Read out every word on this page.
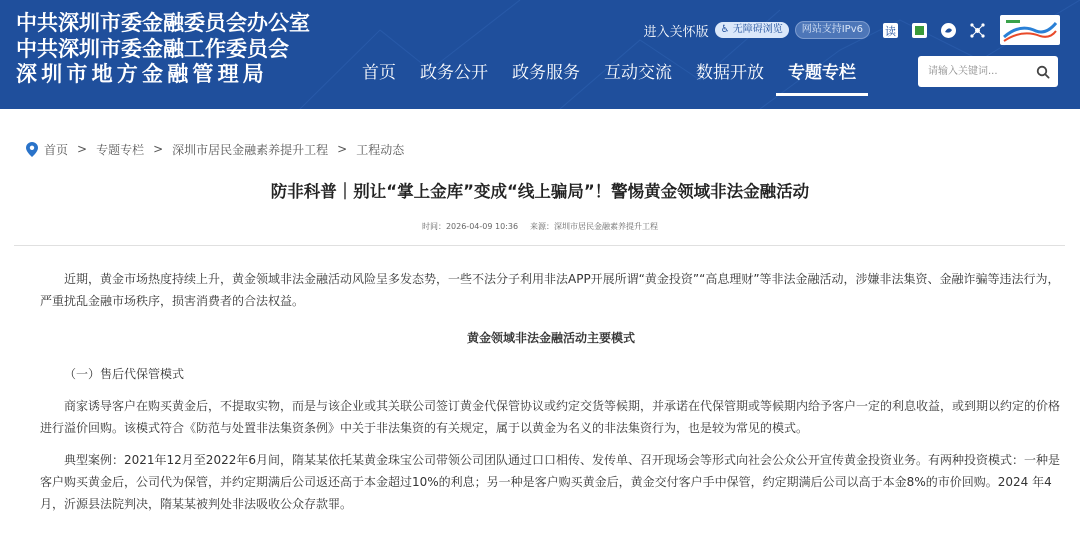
中共深圳市委金融委员会办公室
中共深圳市委金融工作委员会
深圳市地方金融管理局
进入关怀版	♿ 无障碍浏览	网站支持IPv6	读
首页	政务公开	政务服务	互动交流	数据开放	专题专栏
请输入关键词...
首页 > 专题专栏 > 深圳市居民金融素养提升工程 > 工程动态
防非科普｜别让“掌上金库”变成“线上骗局”！警惕黄金领域非法金融活动
时间：2026-04-09 10:36 来源：深圳市居民金融素养提升工程

近期，黄金市场热度持续上升，黄金领域非法金融活动风险呈多发态势，一些不法分子利用非法APP开展所谓“黄金投资”“高息理财”等非法金融活动，涉嫌非法集资、金融诈骗等违法行为，严重扰乱金融市场秩序，损害消费者的合法权益。

黄金领域非法金融活动主要模式

（一）售后代保管模式

商家诱导客户在购买黄金后，不提取实物，而是与该企业或其关联公司签订黄金代保管协议或约定交货等候期，并承诺在代保管期或等候期内给予客户一定的利息收益，或到期以约定的价格进行溢价回购。该模式符合《防范与处置非法集资条例》中关于非法集资的有关规定，属于以黄金为名义的非法集资行为，也是较为常见的模式。

典型案例：2021年12月至2022年6月间，隋某某依托某黄金珠宝公司带领公司团队通过口口相传、发传单、召开现场会等形式向社会公众公开宣传黄金投资业务。有两种投资模式：一种是客户购买黄金后，公司代为保管，并约定期满后公司返还高于本金超过10%的利息；另一种是客户购买黄金后，黄金交付客户手中保管，约定期满后公司以高于本金8%的市价回购。2024 年4月，沂源县法院判决，隋某某被判处非法吸收公众存款罪。
